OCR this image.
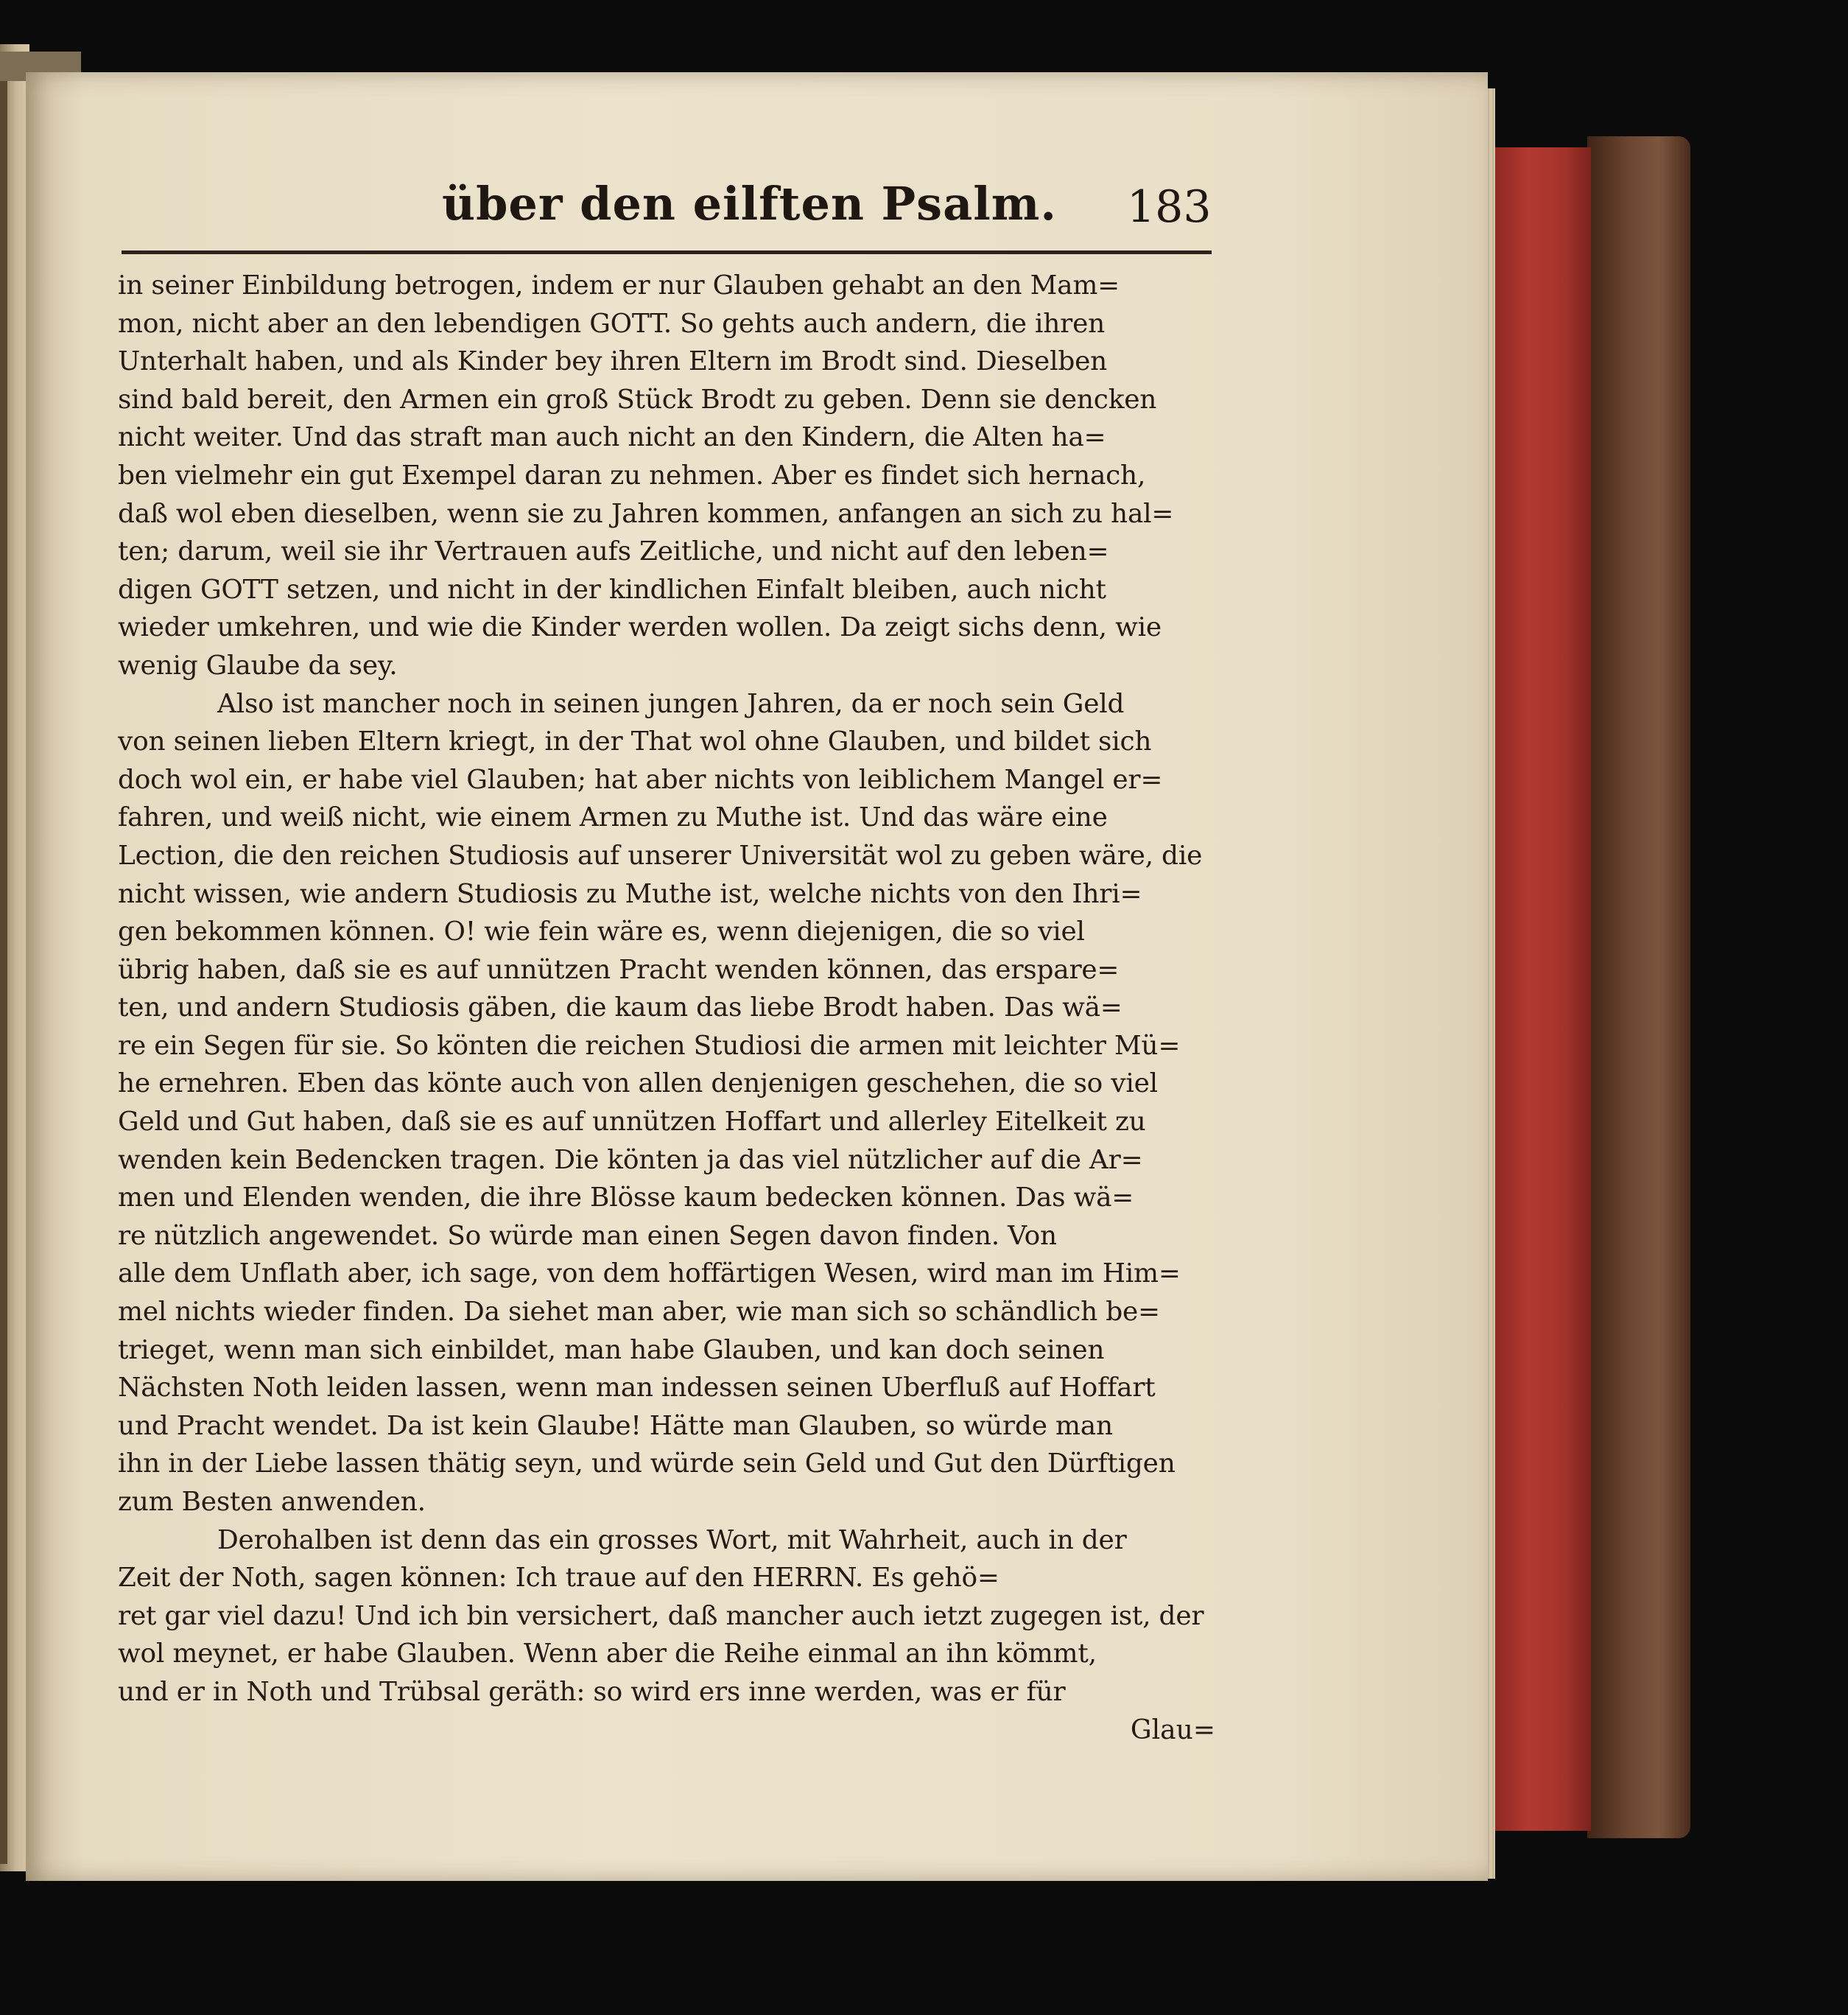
über den eilften Psalm. 183
in seiner Einbildung betrogen, indem er nur Glauben gehabt an den Mam=
mon, nicht aber an den lebendigen GOTT. So gehts auch andern, die ihren
Unterhalt haben, und als Kinder bey ihren Eltern im Brodt sind. Dieselben
sind bald bereit, den Armen ein groß Stück Brodt zu geben. Denn sie dencken
nicht weiter. Und das straft man auch nicht an den Kindern, die Alten ha=
ben vielmehr ein gut Exempel daran zu nehmen. Aber es findet sich hernach,
daß wol eben dieselben, wenn sie zu Jahren kommen, anfangen an sich zu hal=
ten; darum, weil sie ihr Vertrauen aufs Zeitliche, und nicht auf den leben=
digen GOTT setzen, und nicht in der kindlichen Einfalt bleiben, auch nicht
wieder umkehren, und wie die Kinder werden wollen. Da zeigt sichs denn, wie
wenig Glaube da sey.
Also ist mancher noch in seinen jungen Jahren, da er noch sein Geld
von seinen lieben Eltern kriegt, in der That wol ohne Glauben, und bildet sich
doch wol ein, er habe viel Glauben; hat aber nichts von leiblichem Mangel er=
fahren, und weiß nicht, wie einem Armen zu Muthe ist. Und das wäre eine
Lection, die den reichen Studiosis auf unserer Universität wol zu geben wäre, die
nicht wissen, wie andern Studiosis zu Muthe ist, welche nichts von den Ihri=
gen bekommen können. O! wie fein wäre es, wenn diejenigen, die so viel
übrig haben, daß sie es auf unnützen Pracht wenden können, das erspare=
ten, und andern Studiosis gäben, die kaum das liebe Brodt haben. Das wä=
re ein Segen für sie. So könten die reichen Studiosi die armen mit leichter Mü=
he ernehren. Eben das könte auch von allen denjenigen geschehen, die so viel
Geld und Gut haben, daß sie es auf unnützen Hoffart und allerley Eitelkeit zu
wenden kein Bedencken tragen. Die könten ja das viel nützlicher auf die Ar=
men und Elenden wenden, die ihre Blösse kaum bedecken können. Das wä=
re nützlich angewendet. So würde man einen Segen davon finden. Von
alle dem Unflath aber, ich sage, von dem hoffärtigen Wesen, wird man im Him=
mel nichts wieder finden. Da siehet man aber, wie man sich so schändlich be=
trieget, wenn man sich einbildet, man habe Glauben, und kan doch seinen
Nächsten Noth leiden lassen, wenn man indessen seinen Uberfluß auf Hoffart
und Pracht wendet. Da ist kein Glaube! Hätte man Glauben, so würde man
ihn in der Liebe lassen thätig seyn, und würde sein Geld und Gut den Dürftigen
zum Besten anwenden.
Derohalben ist denn das ein grosses Wort, mit Wahrheit, auch in der
Zeit der Noth, sagen können: Ich traue auf den HERRN. Es gehö=
ret gar viel dazu! Und ich bin versichert, daß mancher auch ietzt zugegen ist, der
wol meynet, er habe Glauben. Wenn aber die Reihe einmal an ihn kömmt,
und er in Noth und Trübsal geräth: so wird ers inne werden, was er für
Glau=
